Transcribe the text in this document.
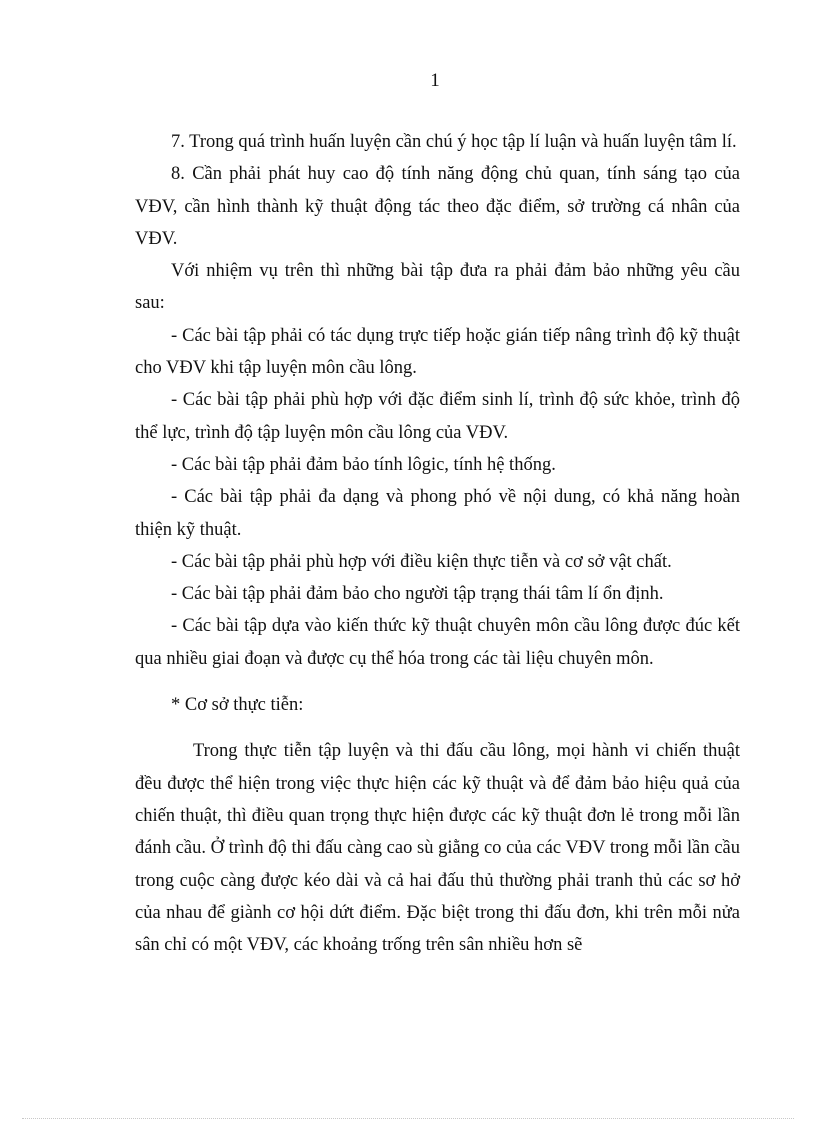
1

7. Trong quá trình huấn luyện cần chú ý học tập lí luận và huấn luyện tâm lí.

8. Cần phải phát huy cao độ tính năng động chủ quan, tính sáng tạo của VĐV, cần hình thành kỹ thuật động tác theo đặc điểm, sở trường cá nhân của VĐV.

Với nhiệm vụ trên thì những bài tập đưa ra phải đảm bảo những yêu cầu sau:

- Các bài tập phải có tác dụng trực tiếp hoặc gián tiếp nâng trình độ kỹ thuật cho VĐV khi tập luyện môn cầu lông.

- Các bài tập phải phù hợp với đặc điểm sinh lí, trình độ sức khỏe, trình độ thể lực, trình độ tập luyện môn cầu lông của VĐV.

- Các bài tập phải đảm bảo tính lôgic, tính hệ thống.

- Các bài tập phải đa dạng và phong phó về nội dung, có khả năng hoàn thiện kỹ thuật.

- Các bài tập phải phù hợp với điều kiện thực tiễn và cơ sở vật chất.

- Các bài tập phải đảm bảo cho người tập trạng thái tâm lí ổn định.

- Các bài tập dựa vào kiến thức kỹ thuật chuyên môn cầu lông được đúc kết qua nhiều giai đoạn và được cụ thể hóa trong các tài liệu chuyên môn.

* Cơ sở thực tiễn:

Trong thực tiễn tập luyện và thi đấu cầu lông, mọi hành vi chiến thuật đều được thể hiện trong việc thực hiện các kỹ thuật và để đảm bảo hiệu quả của chiến thuật, thì điều quan trọng thực hiện được các kỹ thuật đơn lẻ trong mỗi lần đánh cầu. Ở trình độ thi đấu càng cao sù giằng co của các VĐV trong mỗi lần cầu trong cuộc càng được kéo dài và cả hai đấu thủ thường phải tranh thủ các sơ hở của nhau để giành cơ hội dứt điểm. Đặc biệt trong thi đấu đơn, khi trên mỗi nửa sân chỉ có một VĐV, các khoảng trống trên sân nhiều hơn sẽ
